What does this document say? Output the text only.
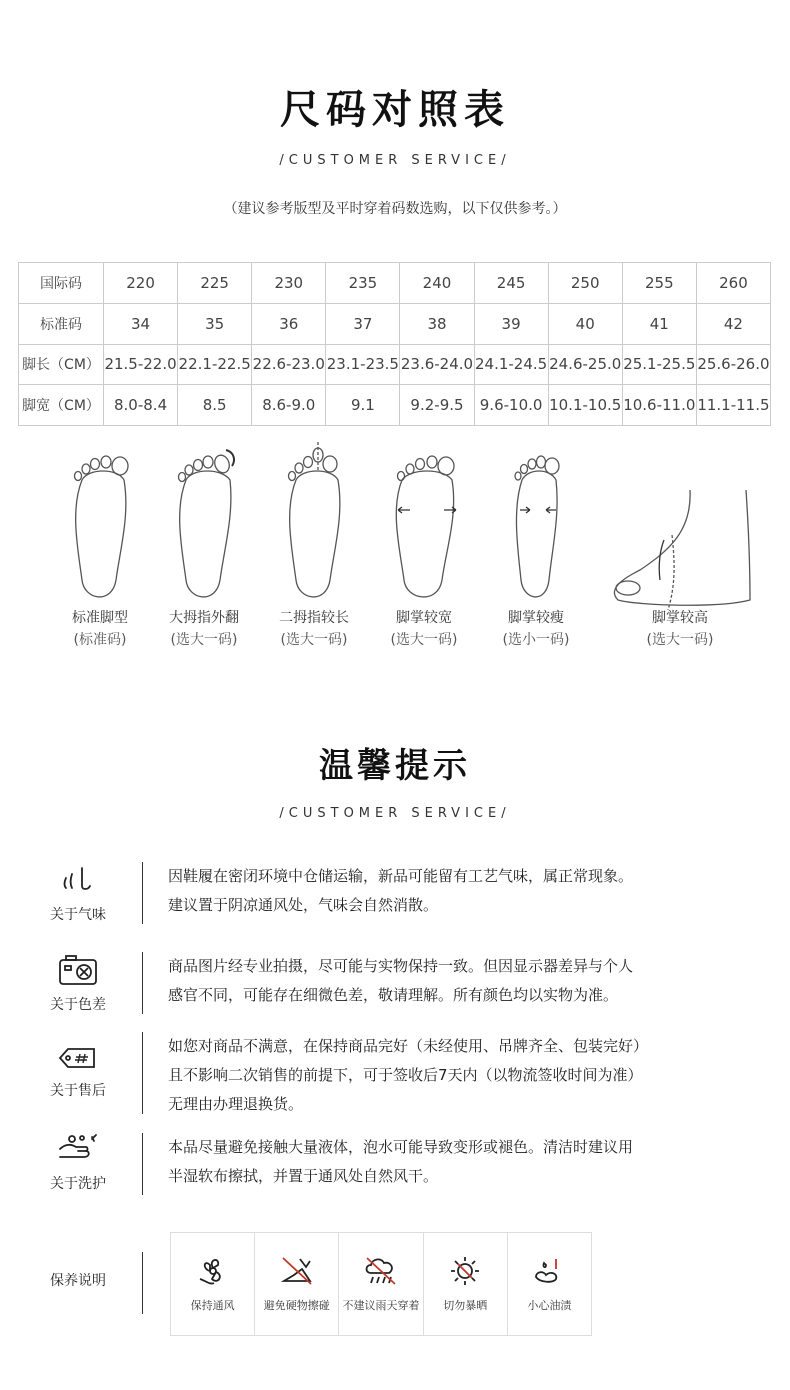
尺码对照表
/CUSTOMER SERVICE/
（建议参考版型及平时穿着码数选购，以下仅供参考。）
国际码	220	225	230	235	240	245	250	255	260
标准码	34	35	36	37	38	39	40	41	42
脚长（CM）	21.5-22.0	22.1-22.5	22.6-23.0	23.1-23.5	23.6-24.0	24.1-24.5	24.6-25.0	25.1-25.5	25.6-26.0
脚宽（CM）	8.0-8.4	8.5	8.6-9.0	9.1	9.2-9.5	9.6-10.0	10.1-10.5	10.6-11.0	11.1-11.5
标准脚型
(标准码)
大拇指外翻
(选大一码)
二拇指较长
(选大一码)
脚掌较宽
(选大一码)
脚掌较瘦
(选小一码)
脚掌较高
(选大一码)
温馨提示
/CUSTOMER SERVICE/
关于气味
因鞋履在密闭环境中仓储运输，新品可能留有工艺气味，属正常现象。
建议置于阴凉通风处，气味会自然消散。
关于色差
商品图片经专业拍摄，尽可能与实物保持一致。但因显示器差异与个人
感官不同，可能存在细微色差，敬请理解。所有颜色均以实物为准。
关于售后
如您对商品不满意，在保持商品完好（未经使用、吊牌齐全、包装完好）
且不影响二次销售的前提下，可于签收后7天内（以物流签收时间为准）
无理由办理退换货。
关于洗护
本品尽量避免接触大量液体，泡水可能导致变形或褪色。清洁时建议用
半湿软布擦拭，并置于通风处自然风干。
保养说明
保持通风	避免硬物擦碰 不建议雨天穿着 切勿暴晒	小心油渍
